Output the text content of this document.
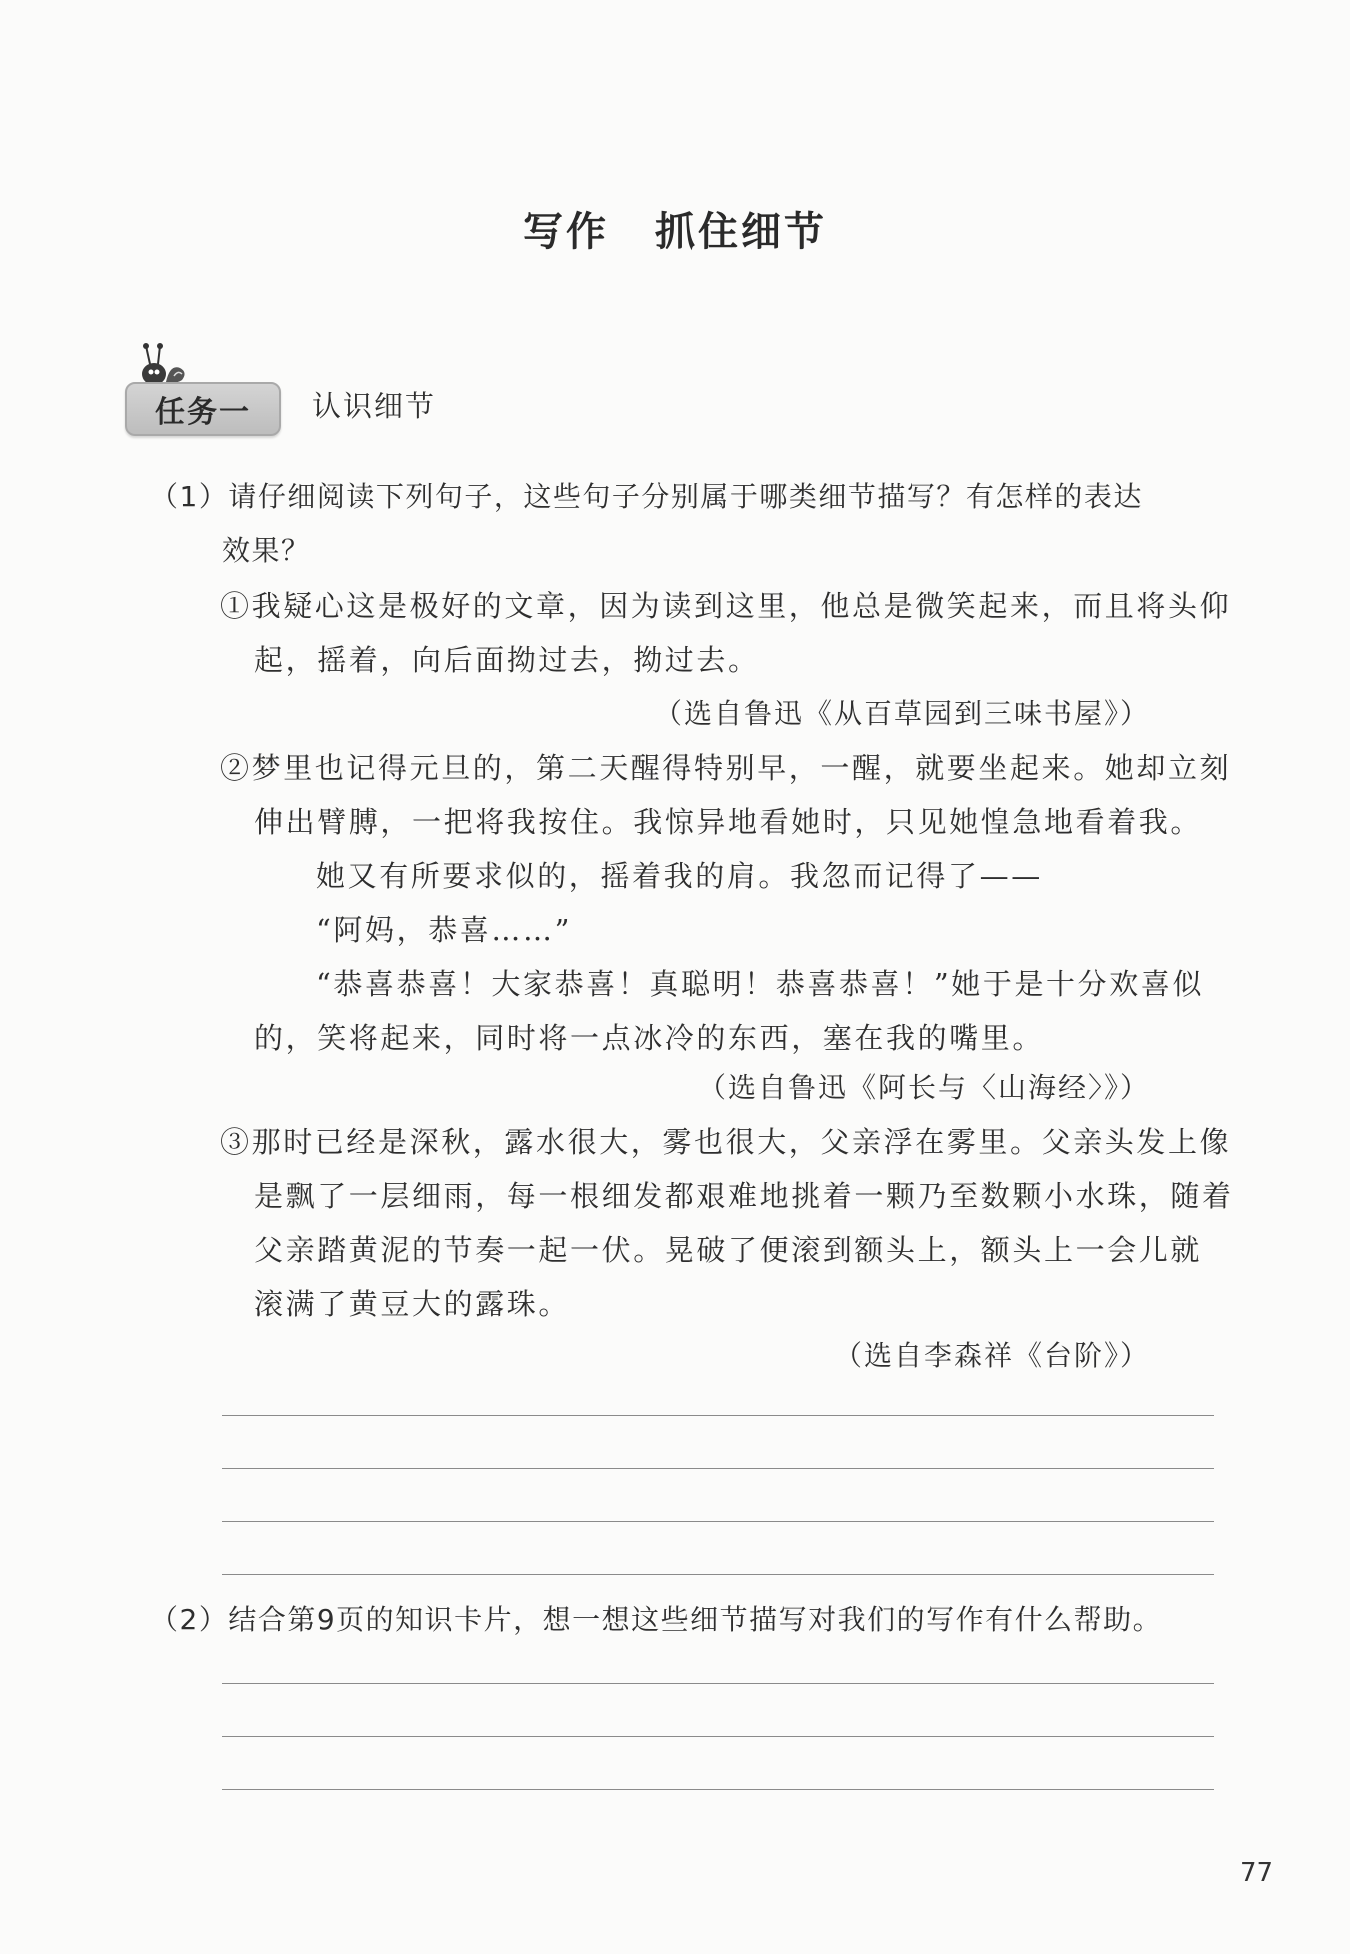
写作 抓住细节
任务一	认识细节
（1）请仔细阅读下列句子，这些句子分别属于哪类细节描写？有怎样的表达
效果？
①我疑心这是极好的文章，因为读到这里，他总是微笑起来，而且将头仰
起，摇着，向后面拗过去，拗过去。
（选自鲁迅《从百草园到三味书屋》）
②梦里也记得元旦的，第二天醒得特别早，一醒，就要坐起来。她却立刻
伸出臂膊，一把将我按住。我惊异地看她时，只见她惶急地看着我。
她又有所要求似的，摇着我的肩。我忽而记得了——
“阿妈，恭喜……”
“恭喜恭喜！大家恭喜！真聪明！恭喜恭喜！”她于是十分欢喜似
的，笑将起来，同时将一点冰冷的东西，塞在我的嘴里。
（选自鲁迅《阿长与〈山海经〉》）
③那时已经是深秋，露水很大，雾也很大，父亲浮在雾里。父亲头发上像
是飘了一层细雨，每一根细发都艰难地挑着一颗乃至数颗小水珠，随着
父亲踏黄泥的节奏一起一伏。晃破了便滚到额头上，额头上一会儿就
滚满了黄豆大的露珠。
（选自李森祥《台阶》）
（2）结合第9页的知识卡片，想一想这些细节描写对我们的写作有什么帮助。
77
